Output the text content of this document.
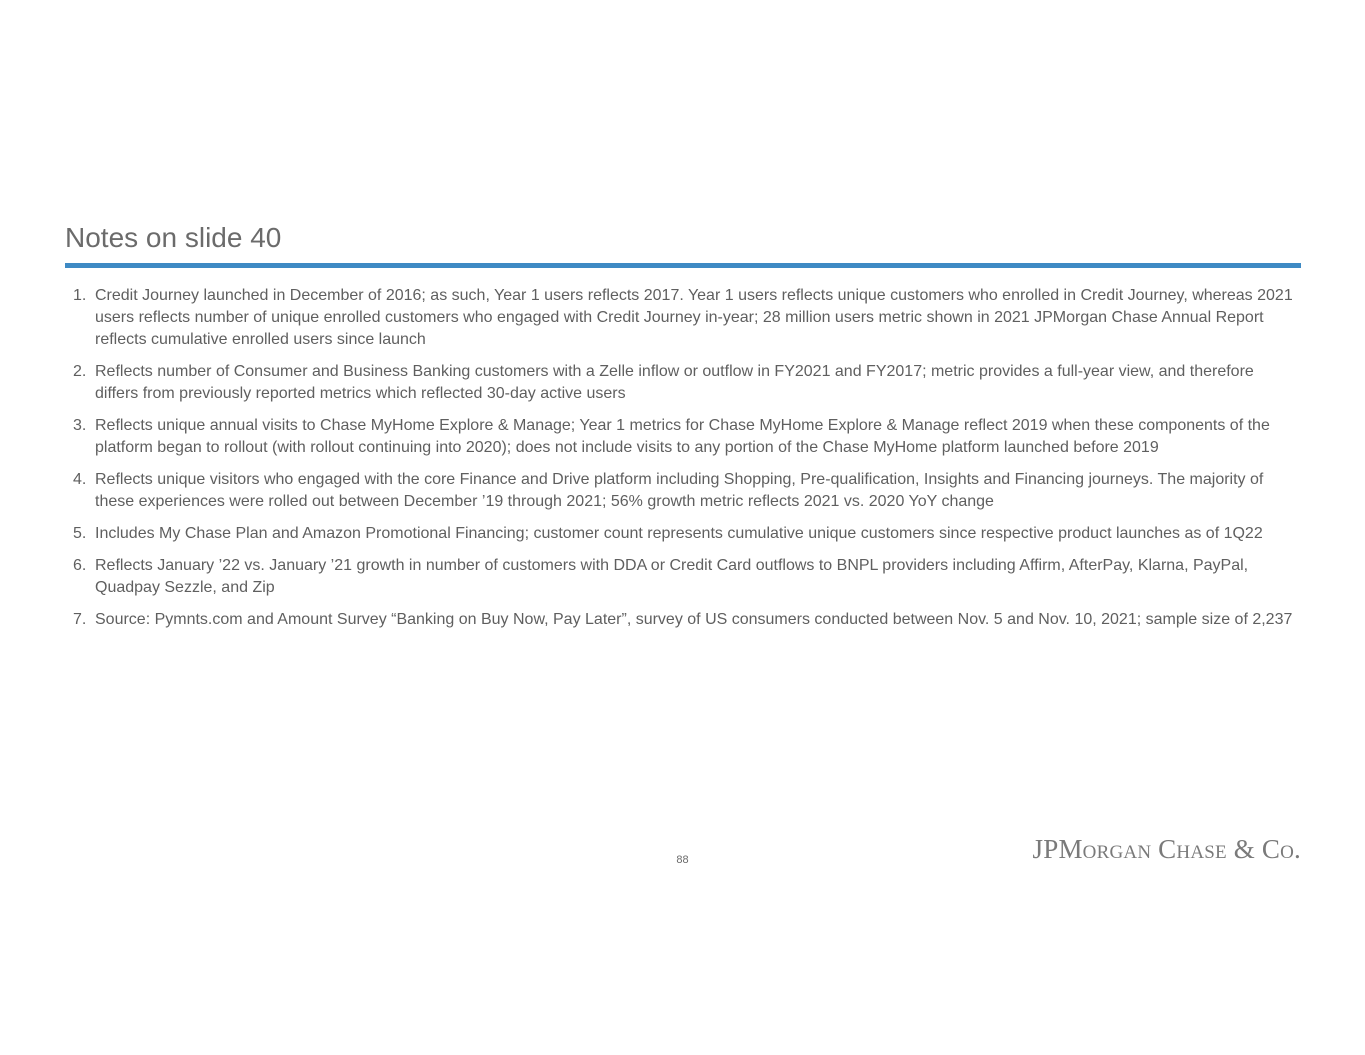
Notes on slide 40
1. Credit Journey launched in December of 2016; as such, Year 1 users reflects 2017. Year 1 users reflects unique customers who enrolled in Credit Journey, whereas 2021 users reflects number of unique enrolled customers who engaged with Credit Journey in-year; 28 million users metric shown in 2021 JPMorgan Chase Annual Report reflects cumulative enrolled users since launch
2. Reflects number of Consumer and Business Banking customers with a Zelle inflow or outflow in FY2021 and FY2017; metric provides a full-year view, and therefore differs from previously reported metrics which reflected 30-day active users
3. Reflects unique annual visits to Chase MyHome Explore & Manage; Year 1 metrics for Chase MyHome Explore & Manage reflect 2019 when these components of the platform began to rollout (with rollout continuing into 2020); does not include visits to any portion of the Chase MyHome platform launched before 2019
4. Reflects unique visitors who engaged with the core Finance and Drive platform including Shopping, Pre-qualification, Insights and Financing journeys. The majority of these experiences were rolled out between December ’19 through 2021; 56% growth metric reflects 2021 vs. 2020 YoY change
5. Includes My Chase Plan and Amazon Promotional Financing; customer count represents cumulative unique customers since respective product launches as of 1Q22
6. Reflects January ’22 vs. January ’21 growth in number of customers with DDA or Credit Card outflows to BNPL providers including Affirm, AfterPay, Klarna, PayPal, Quadpay Sezzle, and Zip
7. Source: Pymnts.com and Amount Survey “Banking on Buy Now, Pay Later”, survey of US consumers conducted between Nov. 5 and Nov. 10, 2021; sample size of 2,237
88	JPMorgan Chase & Co.
